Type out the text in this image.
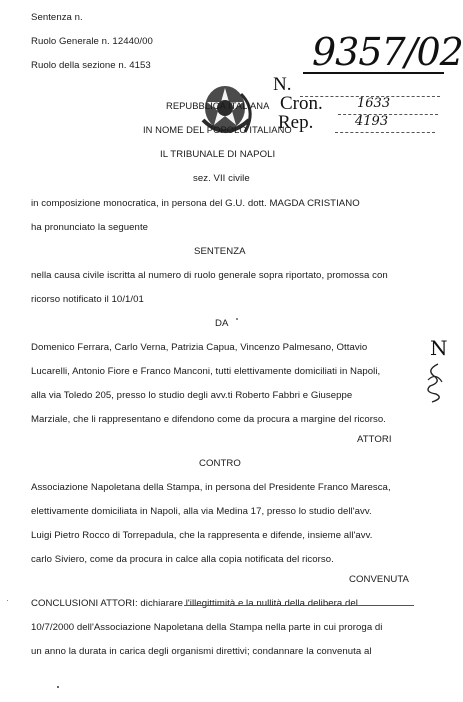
Sentenza n.
Ruolo Generale n. 12440/00
Ruolo della sezione n. 4153	9357/02
N.
Cron.
Rep.
1633
4193
REPUBBLICA ITALIANA
IN NOME DEL POPOLO ITALIANO
IL TRIBUNALE DI NAPOLI
sez. VII civile
in composizione monocratica, in persona del G.U. dott. MAGDA CRISTIANO
ha pronunciato la seguente
SENTENZA
nella causa civile iscritta al numero di ruolo generale sopra riportato, promossa con
ricorso notificato il 10/1/01
DA
Domenico Ferrara, Carlo Verna, Patrizia Capua, Vincenzo Palmesano, Ottavio
Lucarelli, Antonio Fiore e Franco Manconi, tutti elettivamente domiciliati in Napoli,
alla via Toledo 205, presso lo studio degli avv.ti Roberto Fabbri e Giuseppe
Marziale, che li rappresentano e difendono come da procura a margine del ricorso.
ATTORI
CONTRO
Associazione Napoletana della Stampa, in persona del Presidente Franco Maresca,
elettivamente domiciliata in Napoli, alla via Medina 17, presso lo studio dell'avv.
Luigi Pietro Rocco di Torrepadula, che la rappresenta e difende, insieme all'avv.
carlo Siviero, come da procura in calce alla copia notificata del ricorso.
CONVENUTA
CONCLUSIONI ATTORI: dichiarare l'illegittimità e la nullità della delibera del
10/7/2000 dell'Associazione Napoletana della Stampa nella parte in cui proroga di
un anno la durata in carica degli organismi direttivi; condannare la convenuta al
N
